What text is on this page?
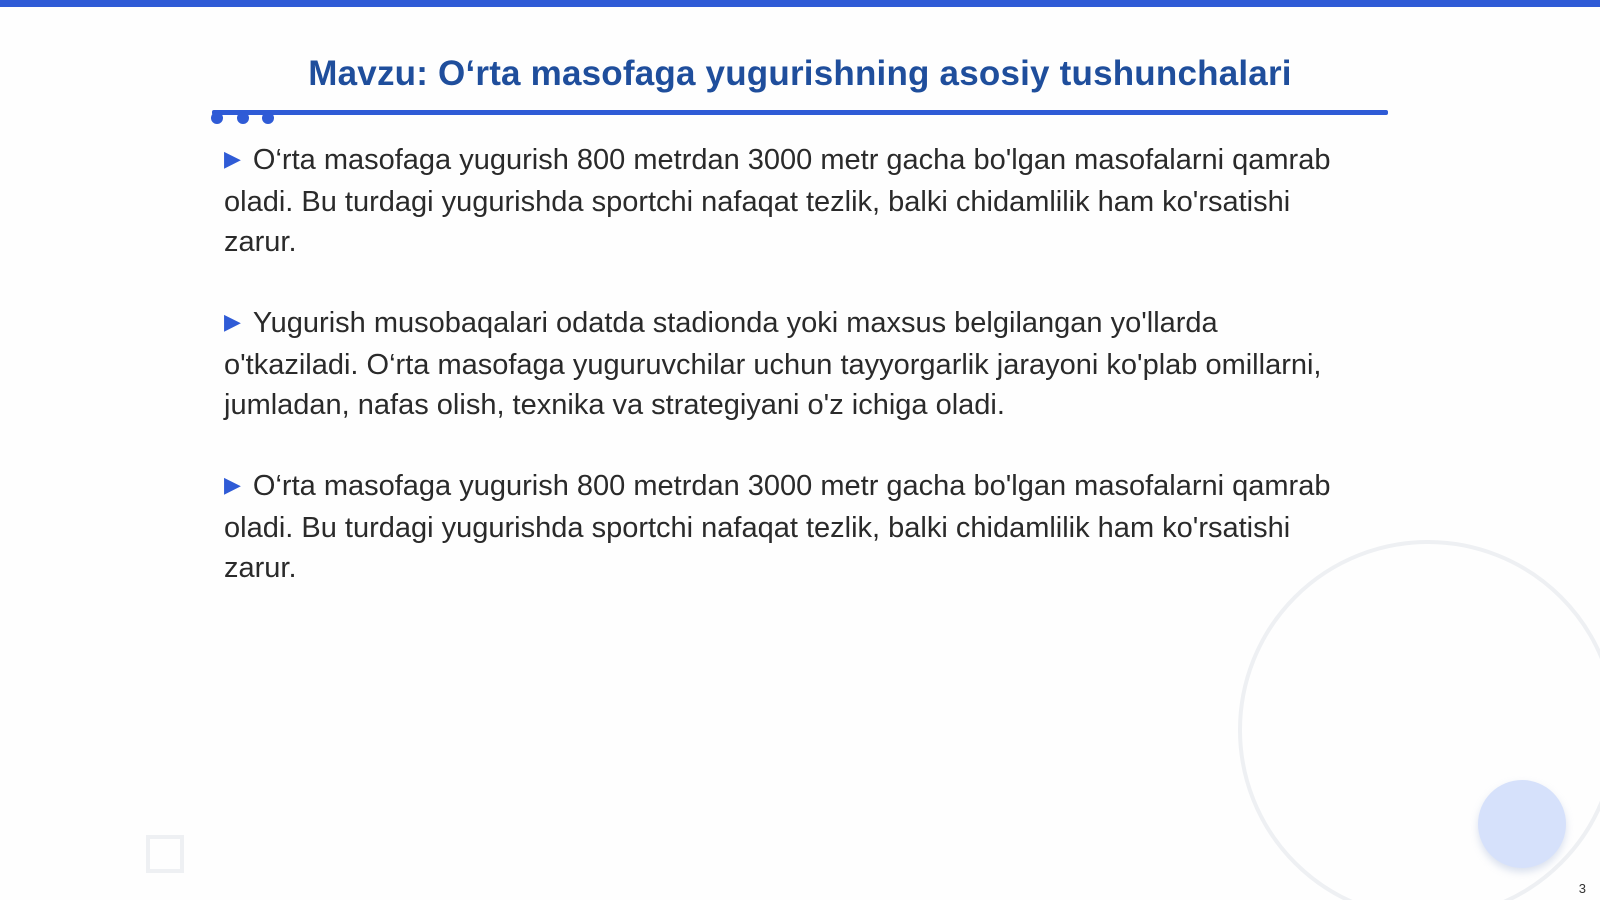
Mavzu: O‘rta masofaga yugurishning asosiy tushunchalari

▶ O‘rta masofaga yugurish 800 metrdan 3000 metr gacha bo'lgan masofalarni qamrab oladi. Bu turdagi yugurishda sportchi nafaqat tezlik, balki chidamlilik ham ko'rsatishi zarur.

▶ Yugurish musobaqalari odatda stadionda yoki maxsus belgilangan yo'llarda o'tkaziladi. O‘rta masofaga yuguruvchilar uchun tayyorgarlik jarayoni ko'plab omillarni, jumladan, nafas olish, texnika va strategiyani o'z ichiga oladi.

▶ O‘rta masofaga yugurish 800 metrdan 3000 metr gacha bo'lgan masofalarni qamrab oladi. Bu turdagi yugurishda sportchi nafaqat tezlik, balki chidamlilik ham ko'rsatishi zarur.

3
